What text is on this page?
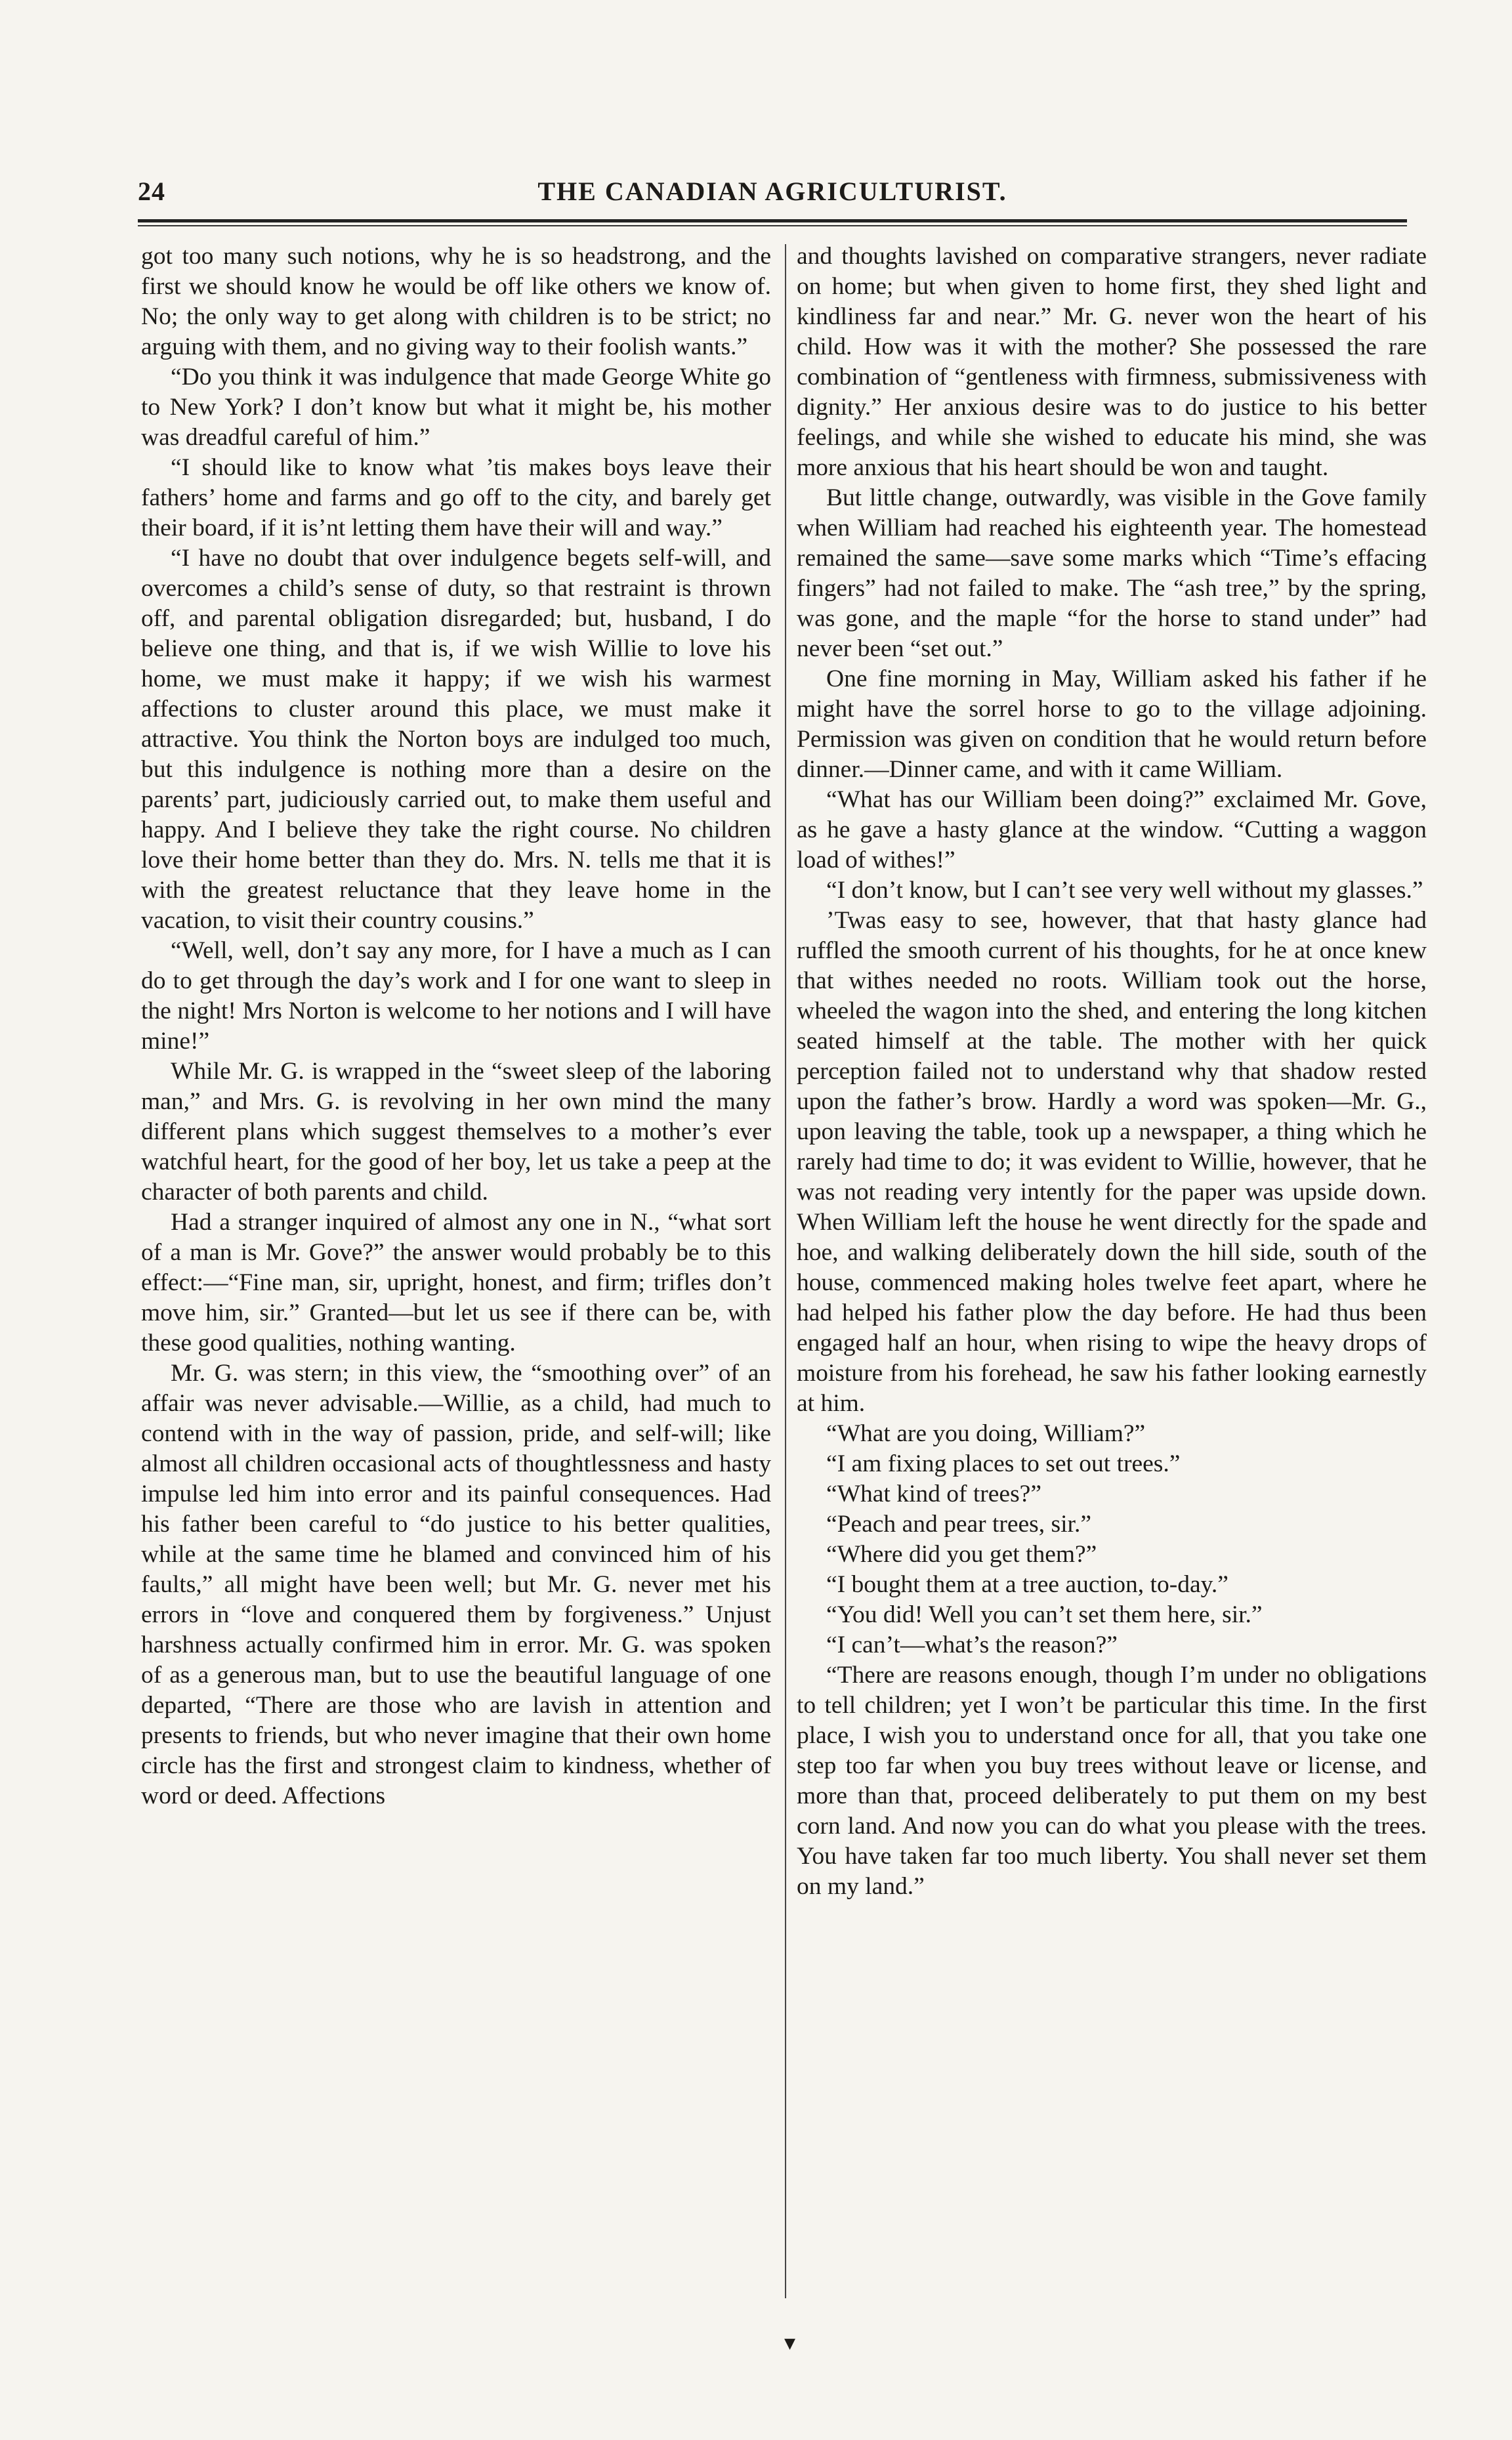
24	THE CANADIAN AGRICULTURIST.

got too many such notions, why he is so headstrong, and the first we should know he would be off like others we know of. No; the only way to get along with children is to be strict; no arguing with them, and no giving way to their foolish wants.”

“Do you think it was indulgence that made George White go to New York? I don’t know but what it might be, his mother was dreadful careful of him.”

“I should like to know what ’tis makes boys leave their fathers’ home and farms and go off to the city, and barely get their board, if it is’nt letting them have their will and way.”

“I have no doubt that over indulgence begets self-will, and overcomes a child’s sense of duty, so that restraint is thrown off, and parental obligation disregarded; but, husband, I do believe one thing, and that is, if we wish Willie to love his home, we must make it happy; if we wish his warmest affections to cluster around this place, we must make it attractive. You think the Norton boys are indulged too much, but this indulgence is nothing more than a desire on the parents’ part, judiciously carried out, to make them useful and happy. And I believe they take the right course. No children love their home better than they do. Mrs. N. tells me that it is with the greatest reluctance that they leave home in the vacation, to visit their country cousins.”

“Well, well, don’t say any more, for I have a much as I can do to get through the day’s work and I for one want to sleep in the night! Mrs Norton is welcome to her notions and I will have mine!”

While Mr. G. is wrapped in the “sweet sleep of the laboring man,” and Mrs. G. is revolving in her own mind the many different plans which suggest themselves to a mother’s ever watchful heart, for the good of her boy, let us take a peep at the character of both parents and child.

Had a stranger inquired of almost any one in N., “what sort of a man is Mr. Gove?” the answer would probably be to this effect:—“Fine man, sir, upright, honest, and firm; trifles don’t move him, sir.” Granted—but let us see if there can be, with these good qualities, nothing wanting.

Mr. G. was stern; in this view, the “smoothing over” of an affair was never advisable.—Willie, as a child, had much to contend with in the way of passion, pride, and self-will; like almost all children occasional acts of thoughtlessness and hasty impulse led him into error and its painful consequences. Had his father been careful to “do justice to his better qualities, while at the same time he blamed and convinced him of his faults,” all might have been well; but Mr. G. never met his errors in “love and conquered them by forgiveness.” Unjust harshness actually confirmed him in error. Mr. G. was spoken of as a generous man, but to use the beautiful language of one departed, “There are those who are lavish in attention and presents to friends, but who never imagine that their own home circle has the first and strongest claim to kindness, whether of word or deed. Affections

and thoughts lavished on comparative strangers, never radiate on home; but when given to home first, they shed light and kindliness far and near.” Mr. G. never won the heart of his child. How was it with the mother? She possessed the rare combination of “gentleness with firmness, submissiveness with dignity.” Her anxious desire was to do justice to his better feelings, and while she wished to educate his mind, she was more anxious that his heart should be won and taught.

But little change, outwardly, was visible in the Gove family when William had reached his eighteenth year. The homestead remained the same—save some marks which “Time’s effacing fingers” had not failed to make. The “ash tree,” by the spring, was gone, and the maple “for the horse to stand under” had never been “set out.”

One fine morning in May, William asked his father if he might have the sorrel horse to go to the village adjoining. Permission was given on condition that he would return before dinner.—Dinner came, and with it came William.

“What has our William been doing?” exclaimed Mr. Gove, as he gave a hasty glance at the window. “Cutting a waggon load of withes!”

“I don’t know, but I can’t see very well without my glasses.”

’Twas easy to see, however, that that hasty glance had ruffled the smooth current of his thoughts, for he at once knew that withes needed no roots. William took out the horse, wheeled the wagon into the shed, and entering the long kitchen seated himself at the table. The mother with her quick perception failed not to understand why that shadow rested upon the father’s brow. Hardly a word was spoken—Mr. G., upon leaving the table, took up a newspaper, a thing which he rarely had time to do; it was evident to Willie, however, that he was not reading very intently for the paper was upside down. When William left the house he went directly for the spade and hoe, and walking deliberately down the hill side, south of the house, commenced making holes twelve feet apart, where he had helped his father plow the day before. He had thus been engaged half an hour, when rising to wipe the heavy drops of moisture from his forehead, he saw his father looking earnestly at him.

“What are you doing, William?”

“I am fixing places to set out trees.”

“What kind of trees?”

“Peach and pear trees, sir.”

“Where did you get them?”

“I bought them at a tree auction, to-day.”

“You did! Well you can’t set them here, sir.”

“I can’t—what’s the reason?”

“There are reasons enough, though I’m under no obligations to tell children; yet I won’t be particular this time. In the first place, I wish you to understand once for all, that you take one step too far when you buy trees without leave or license, and more than that, proceed deliberately to put them on my best corn land. And now you can do what you please with the trees. You have taken far too much liberty. You shall never set them on my land.”

▾
